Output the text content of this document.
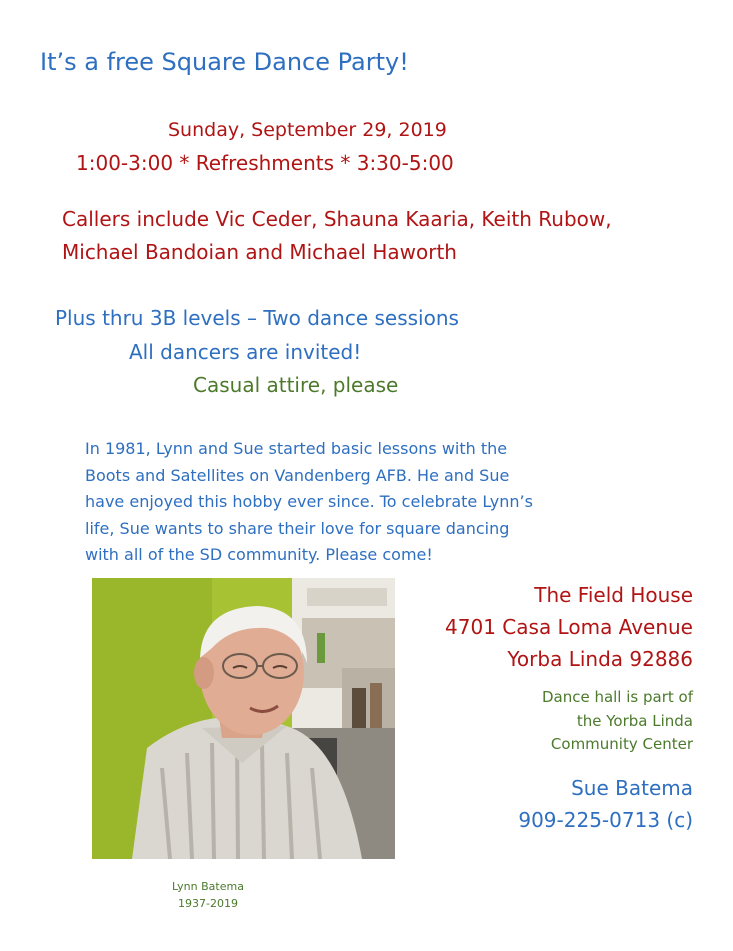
It’s a free Square Dance Party!
Sunday, September 29, 2019
1:00-3:00 * Refreshments * 3:30-5:00
Callers include Vic Ceder, Shauna Kaaria, Keith Rubow,
Michael Bandoian and Michael Haworth
Plus thru 3B levels – Two dance sessions
All dancers are invited!
Casual attire, please
In 1981, Lynn and Sue started basic lessons with the
Boots and Satellites on Vandenberg AFB. He and Sue
have enjoyed this hobby ever since. To celebrate Lynn’s
life, Sue wants to share their love for square dancing
with all of the SD community. Please come!
The Field House
4701 Casa Loma Avenue
Yorba Linda 92886
Dance hall is part of
the Yorba Linda
Community Center
Sue Batema
909-225-0713 (c)
Lynn Batema
1937-2019
